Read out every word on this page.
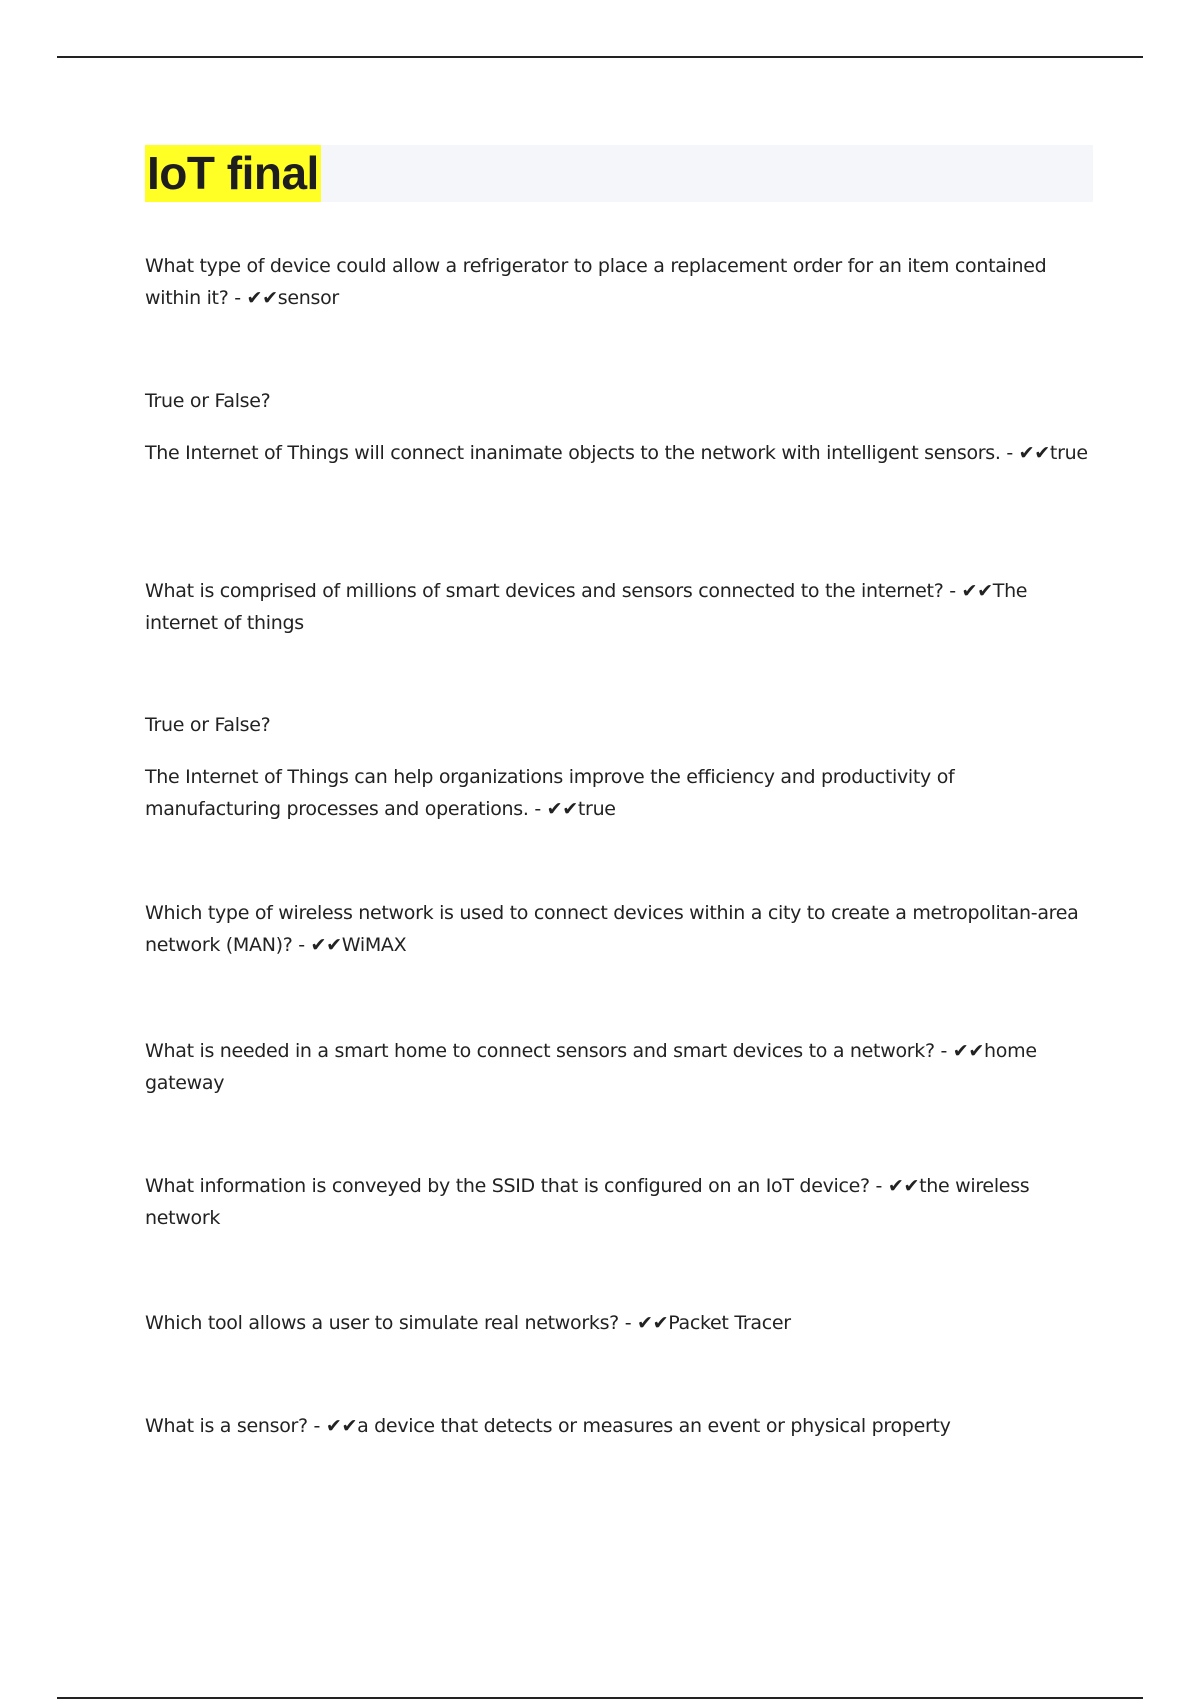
IoT final

What type of device could allow a refrigerator to place a replacement order for an item contained within it? - ✔✔sensor

True or False?

The Internet of Things will connect inanimate objects to the network with intelligent sensors. - ✔✔true

What is comprised of millions of smart devices and sensors connected to the internet? - ✔✔The internet of things

True or False?

The Internet of Things can help organizations improve the efficiency and productivity of manufacturing processes and operations. - ✔✔true

Which type of wireless network is used to connect devices within a city to create a metropolitan-area network (MAN)? - ✔✔WiMAX

What is needed in a smart home to connect sensors and smart devices to a network? - ✔✔home gateway

What information is conveyed by the SSID that is configured on an IoT device? - ✔✔the wireless network

Which tool allows a user to simulate real networks? - ✔✔Packet Tracer

What is a sensor? - ✔✔a device that detects or measures an event or physical property
